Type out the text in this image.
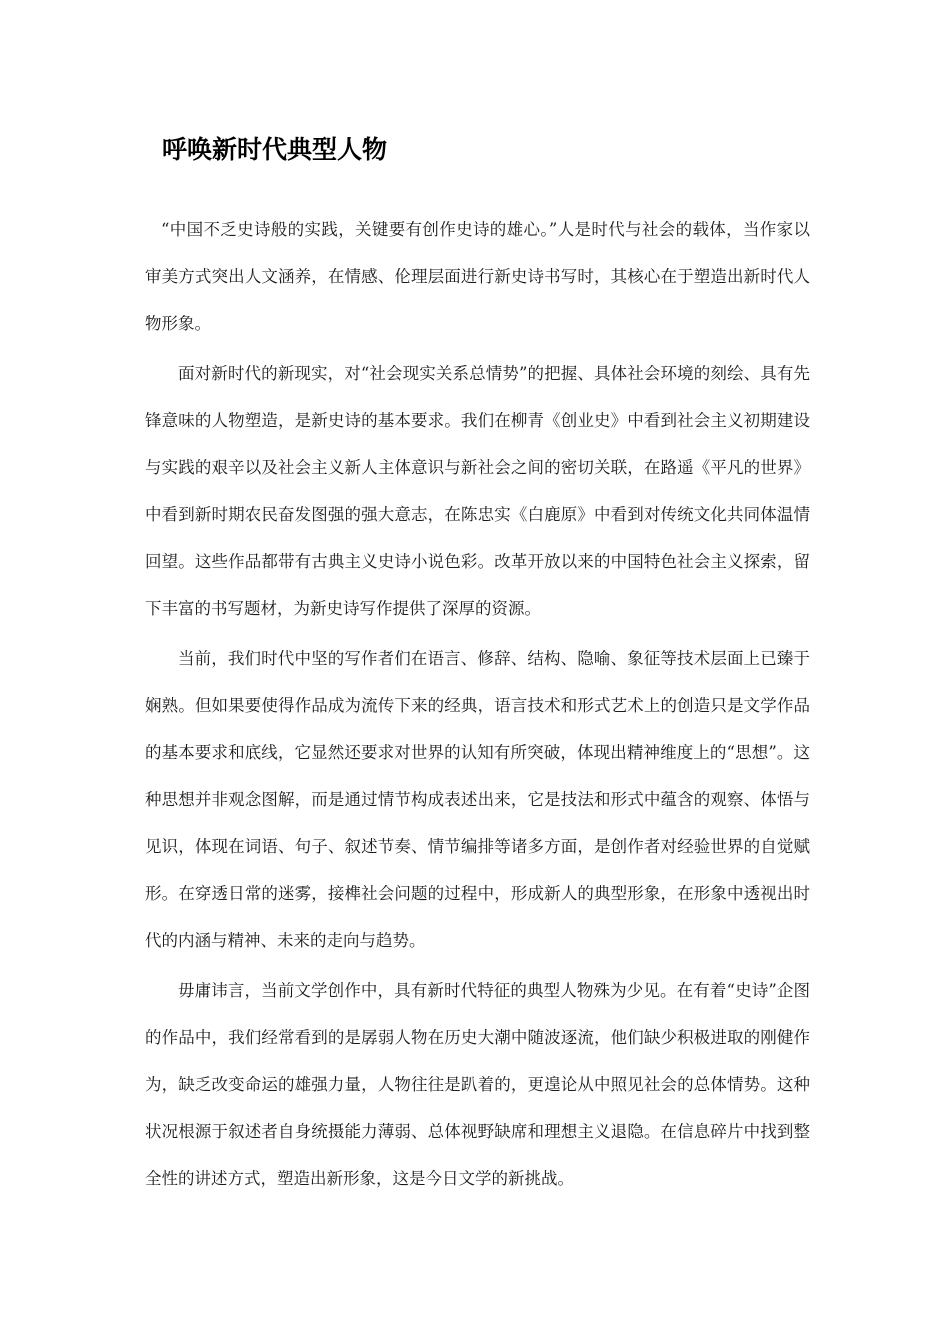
呼唤新时代典型人物

“中国不乏史诗般的实践，关键要有创作史诗的雄心。”人是时代与社会的载体，当作家以审美方式突出人文涵养，在情感、伦理层面进行新史诗书写时，其核心在于塑造出新时代人物形象。

面对新时代的新现实，对“社会现实关系总情势”的把握、具体社会环境的刻绘、具有先锋意味的人物塑造，是新史诗的基本要求。我们在柳青《创业史》中看到社会主义初期建设与实践的艰辛以及社会主义新人主体意识与新社会之间的密切关联，在路遥《平凡的世界》中看到新时期农民奋发图强的强大意志，在陈忠实《白鹿原》中看到对传统文化共同体温情回望。这些作品都带有古典主义史诗小说色彩。改革开放以来的中国特色社会主义探索，留下丰富的书写题材，为新史诗写作提供了深厚的资源。

当前，我们时代中坚的写作者们在语言、修辞、结构、隐喻、象征等技术层面上已臻于娴熟。但如果要使得作品成为流传下来的经典，语言技术和形式艺术上的创造只是文学作品的基本要求和底线，它显然还要求对世界的认知有所突破，体现出精神维度上的“思想”。这种思想并非观念图解，而是通过情节构成表述出来，它是技法和形式中蕴含的观察、体悟与见识，体现在词语、句子、叙述节奏、情节编排等诸多方面，是创作者对经验世界的自觉赋形。在穿透日常的迷雾，接榫社会问题的过程中，形成新人的典型形象，在形象中透视出时代的内涵与精神、未来的走向与趋势。

毋庸讳言，当前文学创作中，具有新时代特征的典型人物殊为少见。在有着“史诗”企图的作品中，我们经常看到的是孱弱人物在历史大潮中随波逐流，他们缺少积极进取的刚健作为，缺乏改变命运的雄强力量，人物往往是趴着的，更遑论从中照见社会的总体情势。这种状况根源于叙述者自身统摄能力薄弱、总体视野缺席和理想主义退隐。在信息碎片中找到整全性的讲述方式，塑造出新形象，这是今日文学的新挑战。
